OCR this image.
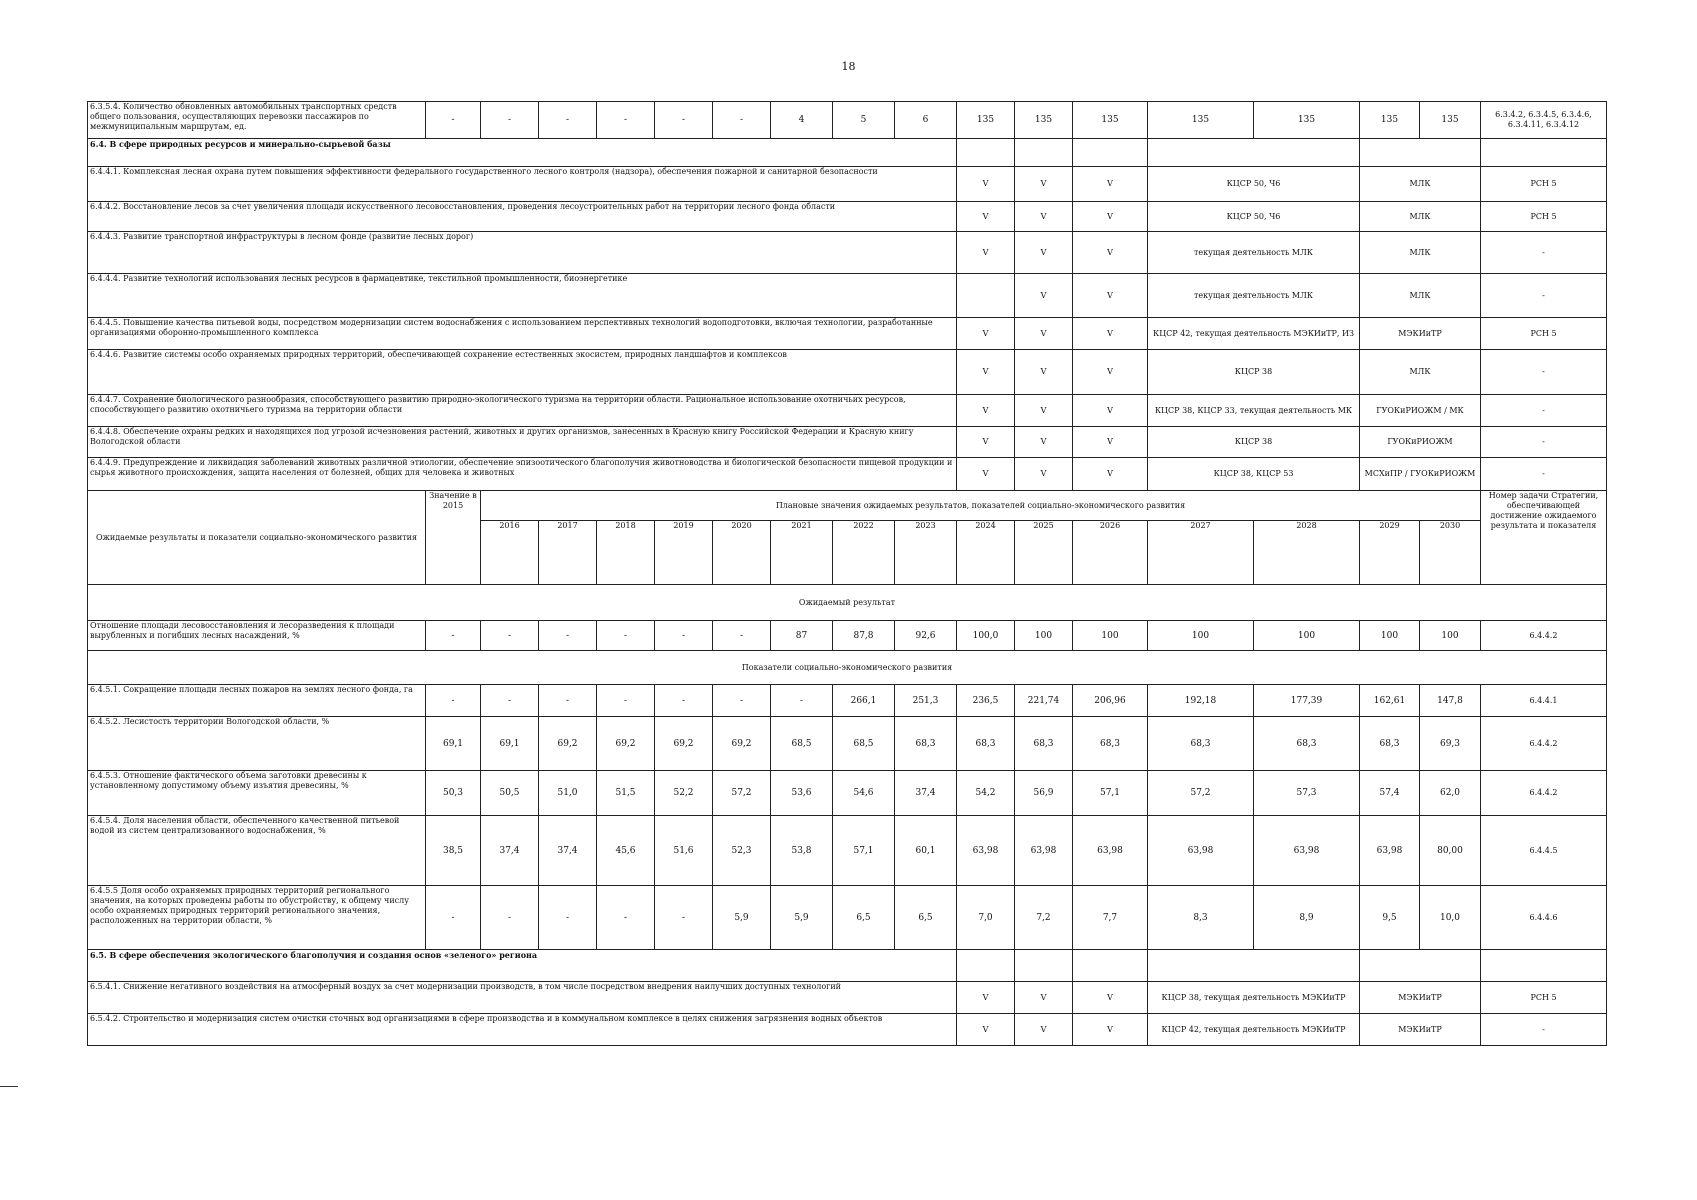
18
6.3.5.4. Количество обновленных автомобильных транспортных средств общего пользования, осуществляющих перевозки пассажиров по межмуниципальным маршрутам, ед.	-	-	-	-	-	-	4	5	6	135	135	135	135	135	135	135	6.3.4.2, 6.3.4.5, 6.3.4.6, 6.3.4.11, 6.3.4.12
6.4. В сфере природных ресурсов и минерально-сырьевой базы																	
6.4.4.1. Комплексная лесная охрана путем повышения эффективности федерального государственного лесного контроля (надзора), обеспечения пожарной и санитарной безопасности										V	V	V	КЦСР 50, Ч6		МЛК		РСН 5
6.4.4.2. Восстановление лесов за счет увеличения площади искусственного лесовосстановления, проведения лесоустроительных работ на территории лесного фонда области										V	V	V	КЦСР 50, Ч6		МЛК		РСН 5
6.4.4.3. Развитие транспортной инфраструктуры в лесном фонде (развитие лесных дорог)										V	V	V	текущая деятельность МЛК		МЛК		-
6.4.4.4. Развитие технологий использования лесных ресурсов в фармацевтике, текстильной промышленности, биоэнергетике											V	V	текущая деятельность МЛК		МЛК		-
6.4.4.5. Повышение качества питьевой воды, посредством модернизации систем водоснабжения с использованием перспективных технологий водоподготовки, включая технологии, разработанные организациями оборонно-промышленного комплекса										V	V	V	КЦСР 42, текущая деятельность МЭКИиТР, ИЗ		МЭКИиТР		РСН 5
6.4.4.6. Развитие системы особо охраняемых природных территорий, обеспечивающей сохранение естественных экосистем, природных ландшафтов и комплексов										V	V	V	КЦСР 38		МЛК		-
6.4.4.7. Сохранение биологического разнообразия, способствующего развитию природно-экологического туризма на территории области. Рациональное использование охотничьих ресурсов, способствующего развитию охотничьего туризма на территории области										V	V	V	КЦСР 38, КЦСР 33, текущая деятельность МК		ГУОКиРИОЖМ / МК		-
6.4.4.8. Обеспечение охраны редких и находящихся под угрозой исчезновения растений, животных и других организмов, занесенных в Красную книгу Российской Федерации и Красную книгу Вологодской области										V	V	V	КЦСР 38		ГУОКиРИОЖМ		-
6.4.4.9. Предупреждение и ликвидация заболеваний животных различной этиологии, обеспечение эпизоотического благополучия животноводства и биологической безопасности пищевой продукции и сырья животного происхождения, защита населения от болезней, общих для человека и животных										V	V	V	КЦСР 38, КЦСР 53		МСХиПР / ГУОКиРИОЖМ		-
Ожидаемые результаты и показатели социально-экономического развития	Значение в 2015	Плановые значения ожидаемых результатов, показателей социально-экономического развития															Номер задачи Стратегии, обеспечивающей достижение ожидаемого результата и показателя
		2016	2017	2018	2019	2020	2021	2022	2023	2024	2025	2026	2027	2028	2029	2030	
Ожидаемый результат																	
Отношение площади лесовосстановления и лесоразведения к площади вырубленных и погибших лесных насаждений, %	-	-	-	-	-	-	87	87,8	92,6	100,0	100	100	100	100	100	100	6.4.4.2
Показатели социально-экономического развития																	
6.4.5.1. Сокращение площади лесных пожаров на землях лесного фонда, га	-	-	-	-	-	-	-	266,1	251,3	236,5	221,74	206,96	192,18	177,39	162,61	147,8	6.4.4.1
6.4.5.2. Лесистость территории Вологодской области, %	69,1	69,1	69,2	69,2	69,2	69,2	68,5	68,5	68,3	68,3	68,3	68,3	68,3	68,3	68,3	69,3	6.4.4.2
6.4.5.3. Отношение фактического объема заготовки древесины к установленному допустимому объему изъятия древесины, %	50,3	50,5	51,0	51,5	52,2	57,2	53,6	54,6	37,4	54,2	56,9	57,1	57,2	57,3	57,4	62,0	6.4.4.2
6.4.5.4. Доля населения области, обеспеченного качественной питьевой водой из систем централизованного водоснабжения, %	38,5	37,4	37,4	45,6	51,6	52,3	53,8	57,1	60,1	63,98	63,98	63,98	63,98	63,98	63,98	80,00	6.4.4.5
6.4.5.5 Доля особо охраняемых природных территорий регионального значения, на которых проведены работы по обустройству, к общему числу особо охраняемых природных территорий регионального значения, расположенных на территории области, %	-	-	-	-	-	5,9	5,9	6,5	6,5	7,0	7,2	7,7	8,3	8,9	9,5	10,0	6.4.4.6
6.5. В сфере обеспечения экологического благополучия и создания основ «зеленого» региона																	
6.5.4.1. Снижение негативного воздействия на атмосферный воздух за счет модернизации производств, в том числе посредством внедрения наилучших доступных технологий										V	V	V	КЦСР 38, текущая деятельность МЭКИиТР		МЭКИиТР		РСН 5
6.5.4.2. Строительство и модернизация систем очистки сточных вод организациями в сфере производства и в коммунальном комплексе в целях снижения загрязнения водных объектов										V	V	V	КЦСР 42, текущая деятельность МЭКИиТР		МЭКИиТР		-
